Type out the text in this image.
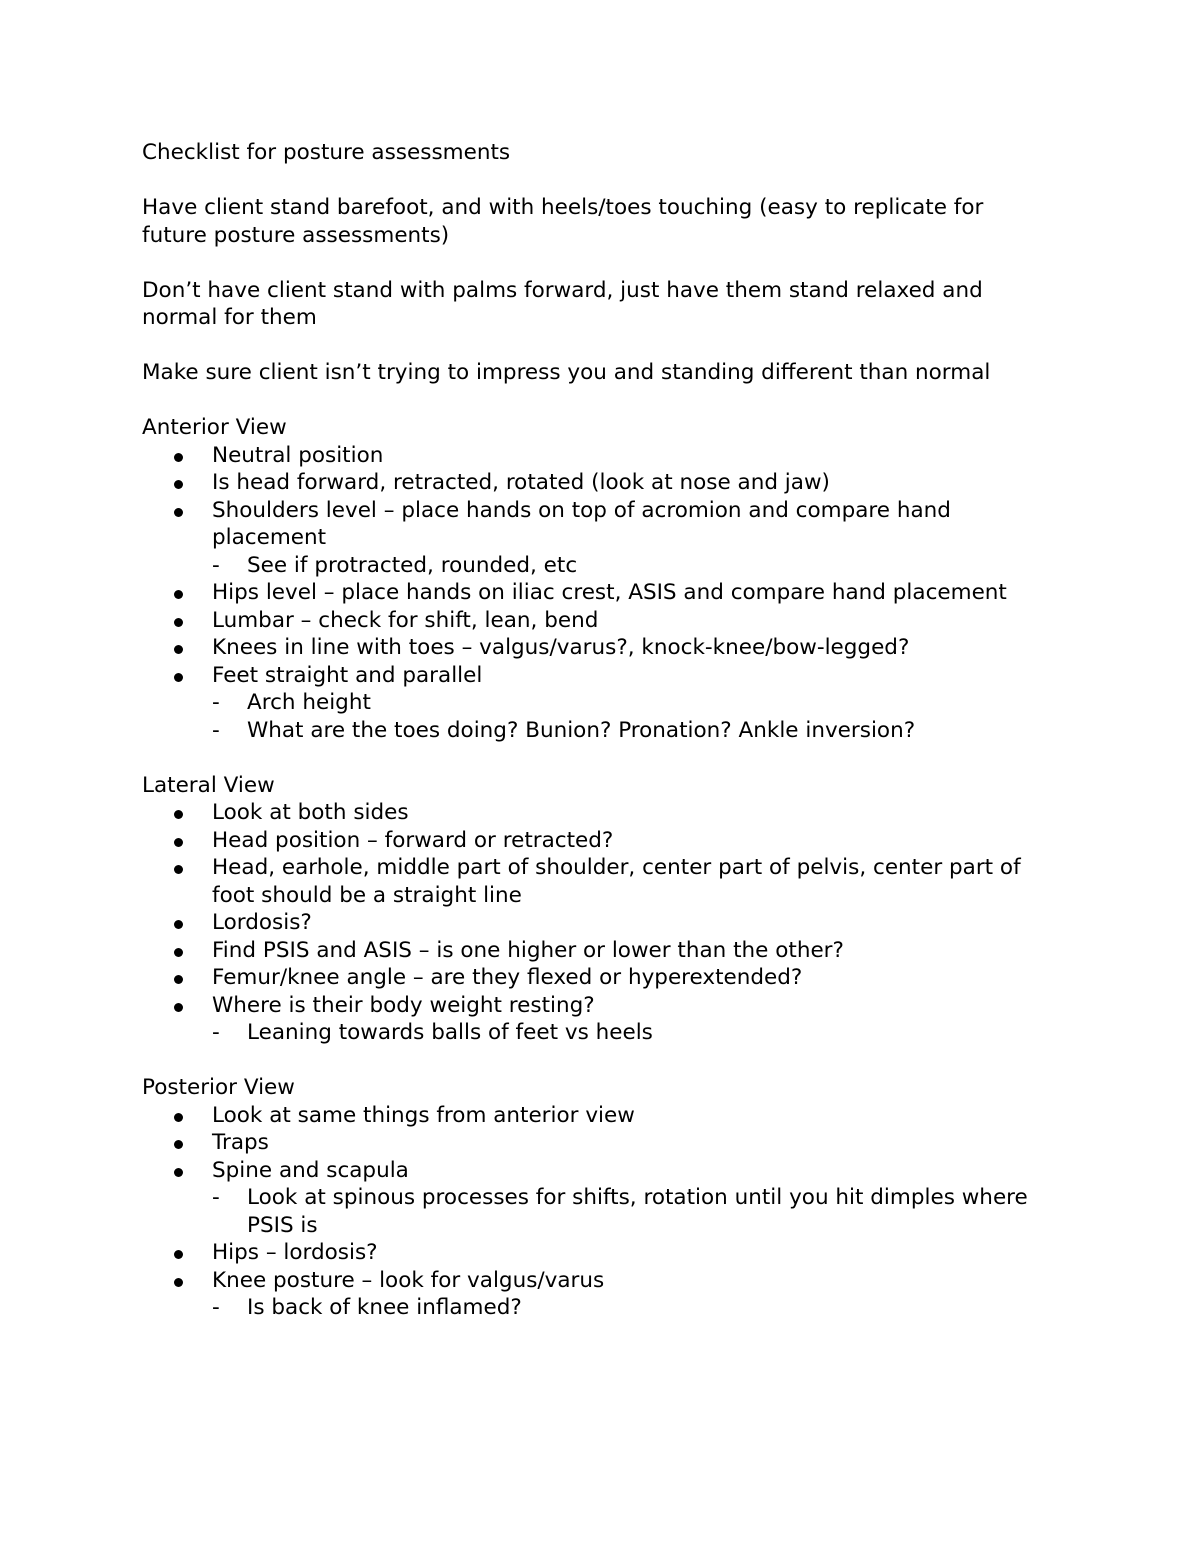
Checklist for posture assessments

Have client stand barefoot, and with heels/toes touching (easy to replicate for future posture assessments)

Don’t have client stand with palms forward, just have them stand relaxed and normal for them

Make sure client isn’t trying to impress you and standing different than normal

Anterior View

Neutral position
Is head forward, retracted, rotated (look at nose and jaw)
Shoulders level – place hands on top of acromion and compare hand placement
- See if protracted, rounded, etc
Hips level – place hands on iliac crest, ASIS and compare hand placement
Lumbar – check for shift, lean, bend
Knees in line with toes – valgus/varus?, knock-knee/bow-legged?
Feet straight and parallel
- Arch height
- What are the toes doing? Bunion? Pronation? Ankle inversion?

Lateral View

Look at both sides
Head position – forward or retracted?
Head, earhole, middle part of shoulder, center part of pelvis, center part of foot should be a straight line
Lordosis?
Find PSIS and ASIS – is one higher or lower than the other?
Femur/knee angle – are they flexed or hyperextended?
Where is their body weight resting?
- Leaning towards balls of feet vs heels

Posterior View

Look at same things from anterior view
Traps
Spine and scapula
- Look at spinous processes for shifts, rotation until you hit dimples where PSIS is
Hips – lordosis?
Knee posture – look for valgus/varus
- Is back of knee inflamed?
